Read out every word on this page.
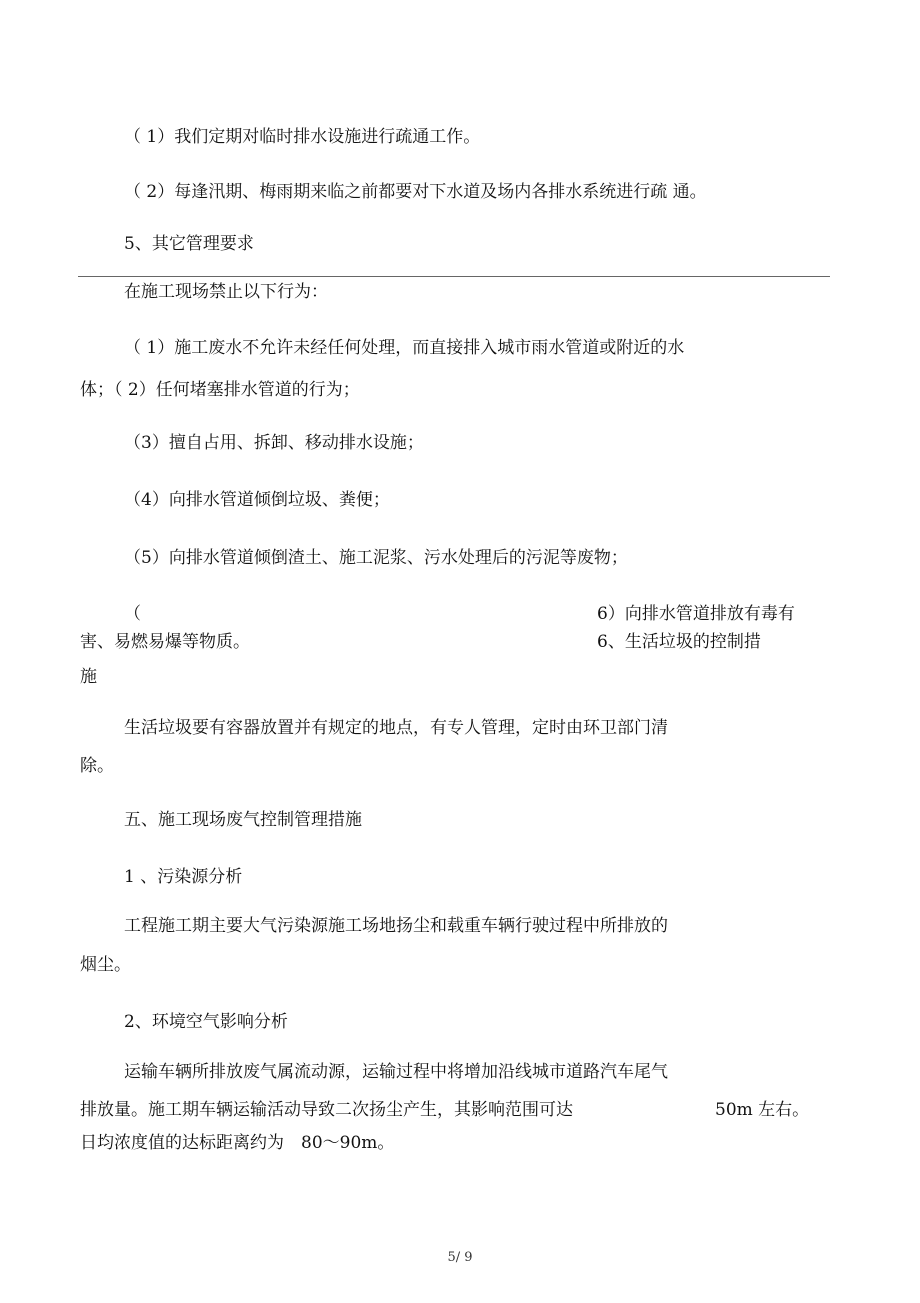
（ 1）我们定期对临时排水设施进行疏通工作。
（ 2）每逢汛期、梅雨期来临之前都要对下水道及场内各排水系统进行疏 通。
5、其它管理要求
在施工现场禁止以下行为：
（ 1）施工废水不允许未经任何处理，而直接排入城市雨水管道或附近的水
体；（ 2）任何堵塞排水管道的行为；
（3）擅自占用、拆卸、移动排水设施；
（4）向排水管道倾倒垃圾、粪便；
（5）向排水管道倾倒渣土、施工泥浆、污水处理后的污泥等废物；
（	6）向排水管道排放有毒有
害、易燃易爆等物质。	6、生活垃圾的控制措
施
生活垃圾要有容器放置并有规定的地点，有专人管理，定时由环卫部门清
除。
五、施工现场废气控制管理措施
1 、污染源分析
工程施工期主要大气污染源施工场地扬尘和载重车辆行驶过程中所排放的
烟尘。
2、环境空气影响分析
运输车辆所排放废气属流动源，运输过程中将增加沿线城市道路汽车尾气
排放量。施工期车辆运输活动导致二次扬尘产生，其影响范围可达	50m 左右。
日均浓度值的达标距离约为　80～90m。
5/ 9
